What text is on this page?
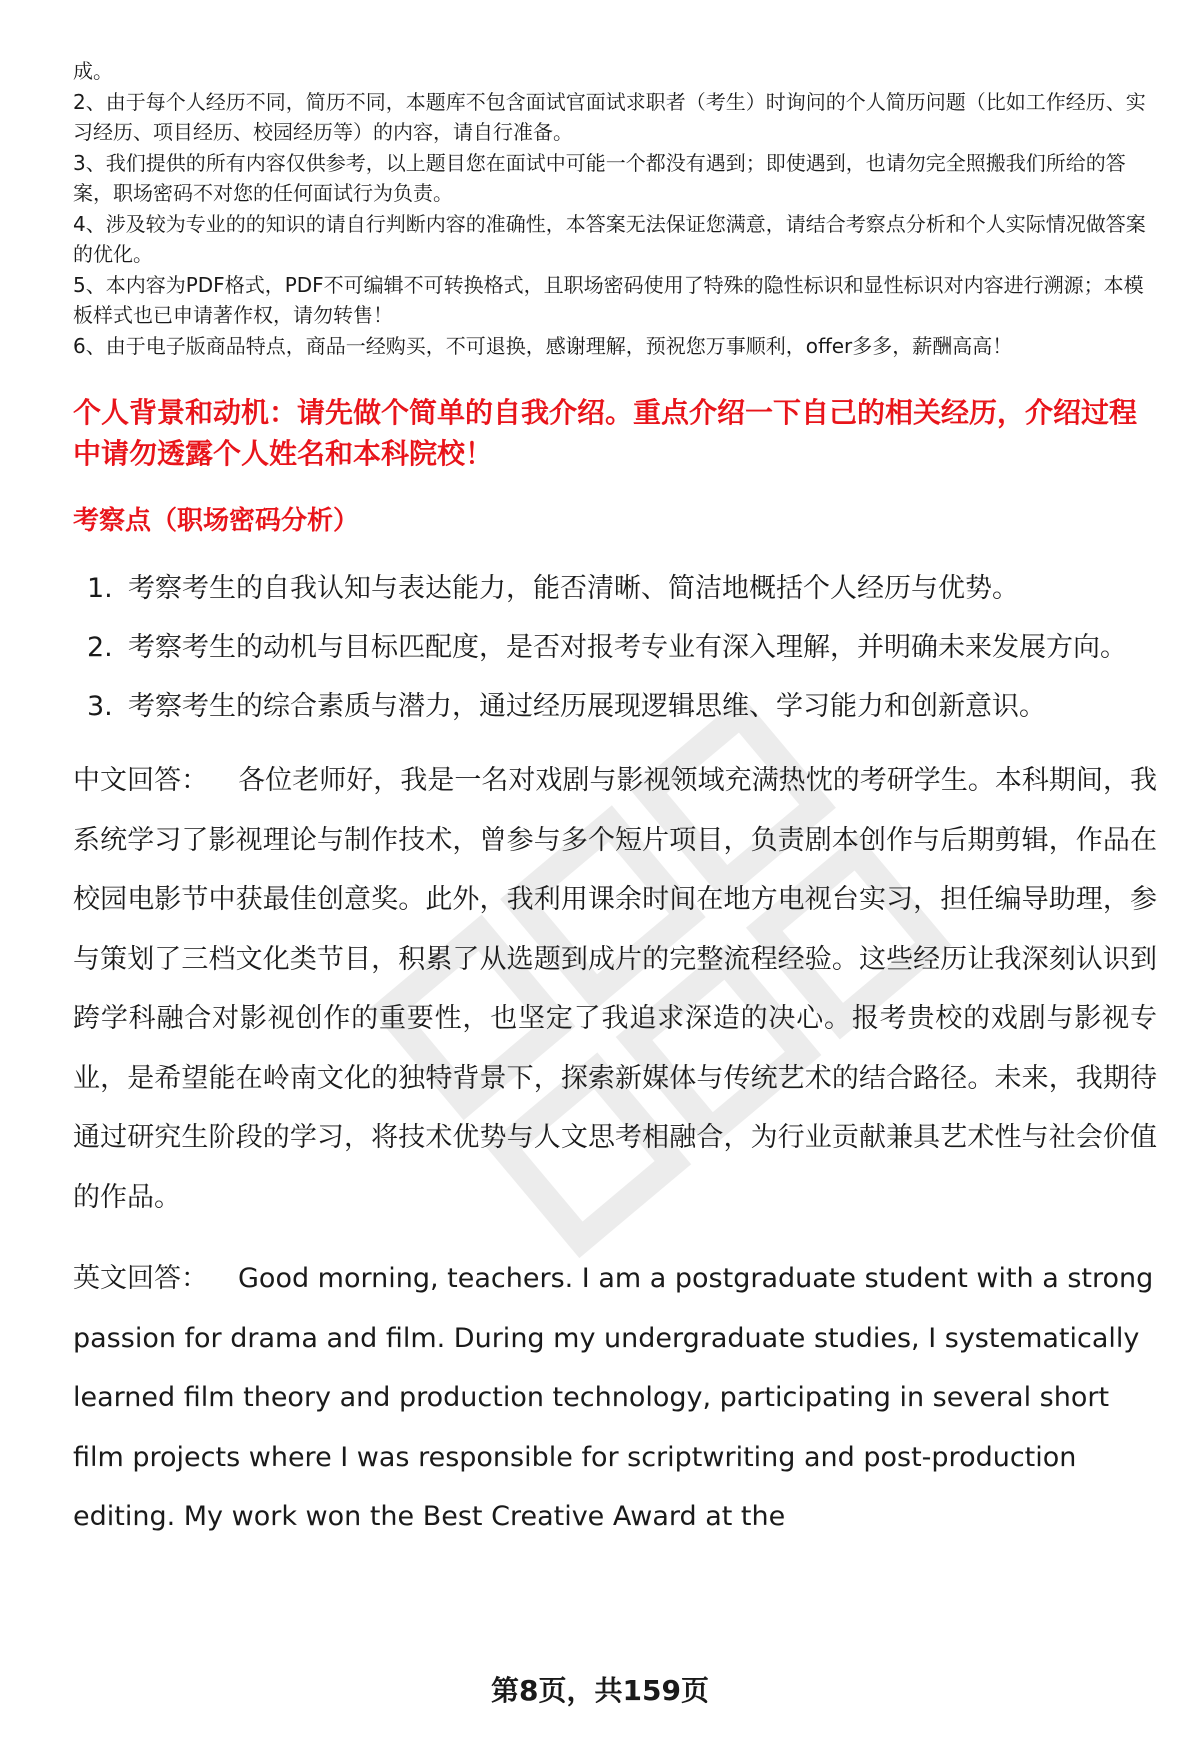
成。

2、由于每个人经历不同，简历不同，本题库不包含面试官面试求职者（考生）时询问的个人简历问题（比如工作经历、实习经历、项目经历、校园经历等）的内容，请自行准备。

3、我们提供的所有内容仅供参考，以上题目您在面试中可能一个都没有遇到；即使遇到，也请勿完全照搬我们所给的答案，职场密码不对您的任何面试行为负责。

4、涉及较为专业的的知识的请自行判断内容的准确性，本答案无法保证您满意，请结合考察点分析和个人实际情况做答案的优化。

5、本内容为PDF格式，PDF不可编辑不可转换格式，且职场密码使用了特殊的隐性标识和显性标识对内容进行溯源；本模板样式也已申请著作权，请勿转售！

6、由于电子版商品特点，商品一经购买，不可退换，感谢理解，预祝您万事顺利，offer多多，薪酬高高！

个人背景和动机：请先做个简单的自我介绍。重点介绍一下自己的相关经历，介绍过程中请勿透露个人姓名和本科院校！
考察点（职场密码分析）
1. 考察考生的自我认知与表达能力，能否清晰、简洁地概括个人经历与优势。
2. 考察考生的动机与目标匹配度，是否对报考专业有深入理解，并明确未来发展方向。
3. 考察考生的综合素质与潜力，通过经历展现逻辑思维、学习能力和创新意识。
中文回答： 各位老师好，我是一名对戏剧与影视领域充满热忱的考研学生。本科期间，我系统学习了影视理论与制作技术，曾参与多个短片项目，负责剧本创作与后期剪辑，作品在校园电影节中获最佳创意奖。此外，我利用课余时间在地方电视台实习，担任编导助理，参与策划了三档文化类节目，积累了从选题到成片的完整流程经验。这些经历让我深刻认识到跨学科融合对影视创作的重要性，也坚定了我追求深造的决心。报考贵校的戏剧与影视专业，是希望能在岭南文化的独特背景下，探索新媒体与传统艺术的结合路径。未来，我期待通过研究生阶段的学习，将技术优势与人文思考相融合，为行业贡献兼具艺术性与社会价值的作品。
英文回答： Good morning, teachers. I am a postgraduate student with a strong passion for drama and film. During my undergraduate studies, I systematically learned film theory and production technology, participating in several short film projects where I was responsible for scriptwriting and post-production editing. My work won the Best Creative Award at the
第8页，共159页
